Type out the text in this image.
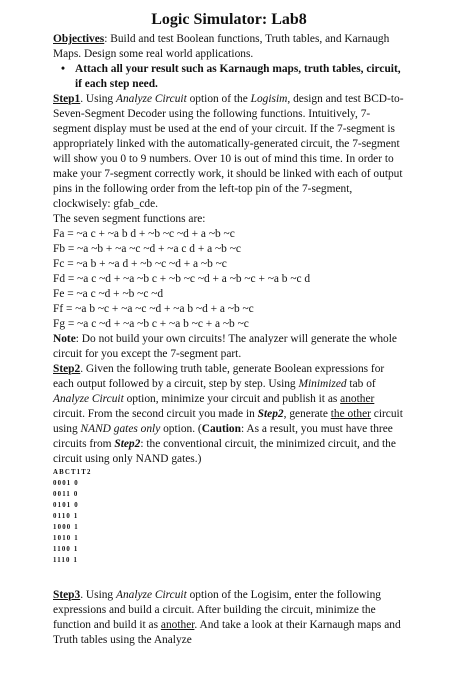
Logic Simulator: Lab8

Objectives: Build and test Boolean functions, Truth tables, and Karnaugh Maps. Design some real world applications.

• Attach all your result such as Karnaugh maps, truth tables, circuit, if each step need.

Step1. Using Analyze Circuit option of the Logisim, design and test BCD-to-Seven-Segment Decoder using the following functions. Intuitively, 7-segment display must be used at the end of your circuit. If the 7-segment is appropriately linked with the automatically-generated circuit, the 7-segment will show you 0 to 9 numbers. Over 10 is out of mind this time. In order to make your 7-segment correctly work, it should be linked with each of output pins in the following order from the left-top pin of the 7-segment, clockwisely: gfab_cde.

The seven segment functions are:

Fa = ~a c + ~a b d + ~b ~c ~d + a ~b ~c

Fb = ~a ~b + ~a ~c ~d + ~a c d + a ~b ~c

Fc = ~a b + ~a d + ~b ~c ~d + a ~b ~c

Fd = ~a c ~d + ~a ~b c + ~b ~c ~d + a ~b ~c + ~a b ~c d

Fe = ~a c ~d + ~b ~c ~d

Ff = ~a b ~c + ~a ~c ~d + ~a b ~d + a ~b ~c

Fg = ~a c ~d + ~a ~b c + ~a b ~c + a ~b ~c

Note: Do not build your own circuits! The analyzer will generate the whole circuit for you except the 7-segment part.

Step2. Given the following truth table, generate Boolean expressions for each output followed by a circuit, step by step. Using Minimized tab of Analyze Circuit option, minimize your circuit and publish it as another circuit. From the second circuit you made in Step2, generate the other circuit using NAND gates only option. (Caution: As a result, you must have three circuits from Step2: the conventional circuit, the minimized circuit, and the circuit using only NAND gates.)

ABCT1T2

0001 0

0011 0

0101 0

0110 1

1000 1

1010 1

1100 1

1110 1

Step3. Using Analyze Circuit option of the Logisim, enter the following expressions and build a circuit. After building the circuit, minimize the function and build it as another. And take a look at their Karnaugh maps and Truth tables using the Analyze
